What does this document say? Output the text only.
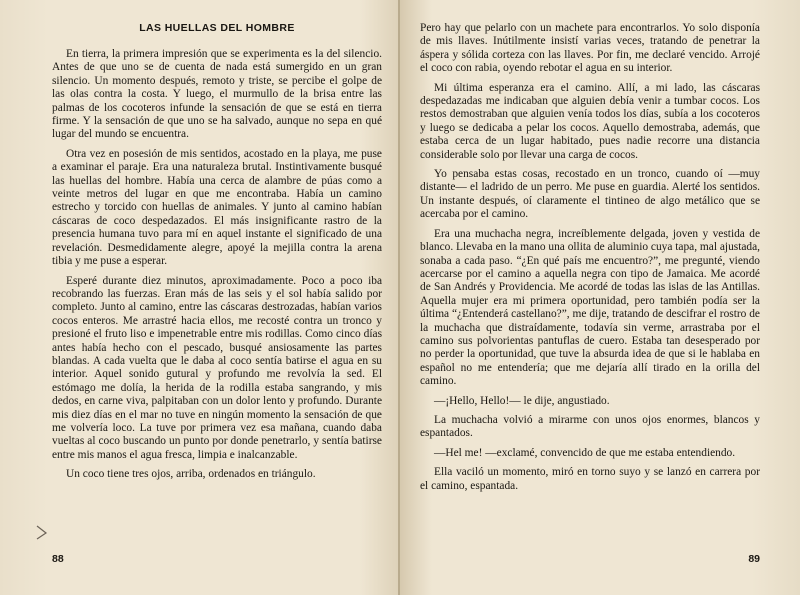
LAS HUELLAS DEL HOMBRE

En tierra, la primera impresión que se experimenta es la del silencio. Antes de que uno se de cuenta de nada está sumergido en un gran silencio. Un momento después, remoto y triste, se percibe el golpe de las olas contra la costa. Y luego, el murmullo de la brisa entre las palmas de los cocoteros infunde la sensación de que se está en tierra firme. Y la sensación de que uno se ha salvado, aunque no sepa en qué lugar del mundo se encuentra.

Otra vez en posesión de mis sentidos, acostado en la playa, me puse a examinar el paraje. Era una naturaleza brutal. Instintivamente busqué las huellas del hombre. Había una cerca de alambre de púas como a veinte metros del lugar en que me encontraba. Había un camino estrecho y torcido con huellas de animales. Y junto al camino habían cáscaras de coco despedazados. El más insignificante rastro de la presencia humana tuvo para mí en aquel instante el significado de una revelación. Desmedidamente alegre, apoyé la mejilla contra la arena tibia y me puse a esperar.

Esperé durante diez minutos, aproximadamente. Poco a poco iba recobrando las fuerzas. Eran más de las seis y el sol había salido por completo. Junto al camino, entre las cáscaras destrozadas, habían varios cocos enteros. Me arrastré hacia ellos, me recosté contra un tronco y presioné el fruto liso e impenetrable entre mis rodillas. Como cinco días antes había hecho con el pescado, busqué ansiosamente las partes blandas. A cada vuelta que le daba al coco sentía batirse el agua en su interior. Aquel sonido gutural y profundo me revolvía la sed. El estómago me dolía, la herida de la rodilla estaba sangrando, y mis dedos, en carne viva, palpitaban con un dolor lento y profundo. Durante mis diez días en el mar no tuve en ningún momento la sensación de que me volvería loco. La tuve por primera vez esa mañana, cuando daba vueltas al coco buscando un punto por donde penetrarlo, y sentía batirse entre mis manos el agua fresca, limpia e inalcanzable.

Un coco tiene tres ojos, arriba, ordenados en triángulo.

88

Pero hay que pelarlo con un machete para encontrarlos. Yo solo disponía de mis llaves. Inútilmente insistí varias veces, tratando de penetrar la áspera y sólida corteza con las llaves. Por fin, me declaré vencido. Arrojé el coco con rabia, oyendo rebotar el agua en su interior.

Mi última esperanza era el camino. Allí, a mi lado, las cáscaras despedazadas me indicaban que alguien debía venir a tumbar cocos. Los restos demostraban que alguien venía todos los días, subía a los cocoteros y luego se dedicaba a pelar los cocos. Aquello demostraba, además, que estaba cerca de un lugar habitado, pues nadie recorre una distancia considerable solo por llevar una carga de cocos.

Yo pensaba estas cosas, recostado en un tronco, cuando oí —muy distante— el ladrido de un perro. Me puse en guardia. Alerté los sentidos. Un instante después, oí claramente el tintineo de algo metálico que se acercaba por el camino.

Era una muchacha negra, increíblemente delgada, joven y vestida de blanco. Llevaba en la mano una ollita de aluminio cuya tapa, mal ajustada, sonaba a cada paso. “¿En qué país me encuentro?”, me pregunté, viendo acercarse por el camino a aquella negra con tipo de Jamaica. Me acordé de San Andrés y Providencia. Me acordé de todas las islas de las Antillas. Aquella mujer era mi primera oportunidad, pero también podía ser la última “¿Entenderá castellano?”, me dije, tratando de descifrar el rostro de la muchacha que distraídamente, todavía sin verme, arrastraba por el camino sus polvorientas pantuflas de cuero. Estaba tan desesperado por no perder la oportunidad, que tuve la absurda idea de que si le hablaba en español no me entendería; que me dejaría allí tirado en la orilla del camino.

—¡Hello, Hello!— le dije, angustiado.

La muchacha volvió a mirarme con unos ojos enormes, blancos y espantados.

—Hel me! —exclamé, convencido de que me estaba entendiendo.

Ella vaciló un momento, miró en torno suyo y se lanzó en carrera por el camino, espantada.

89
